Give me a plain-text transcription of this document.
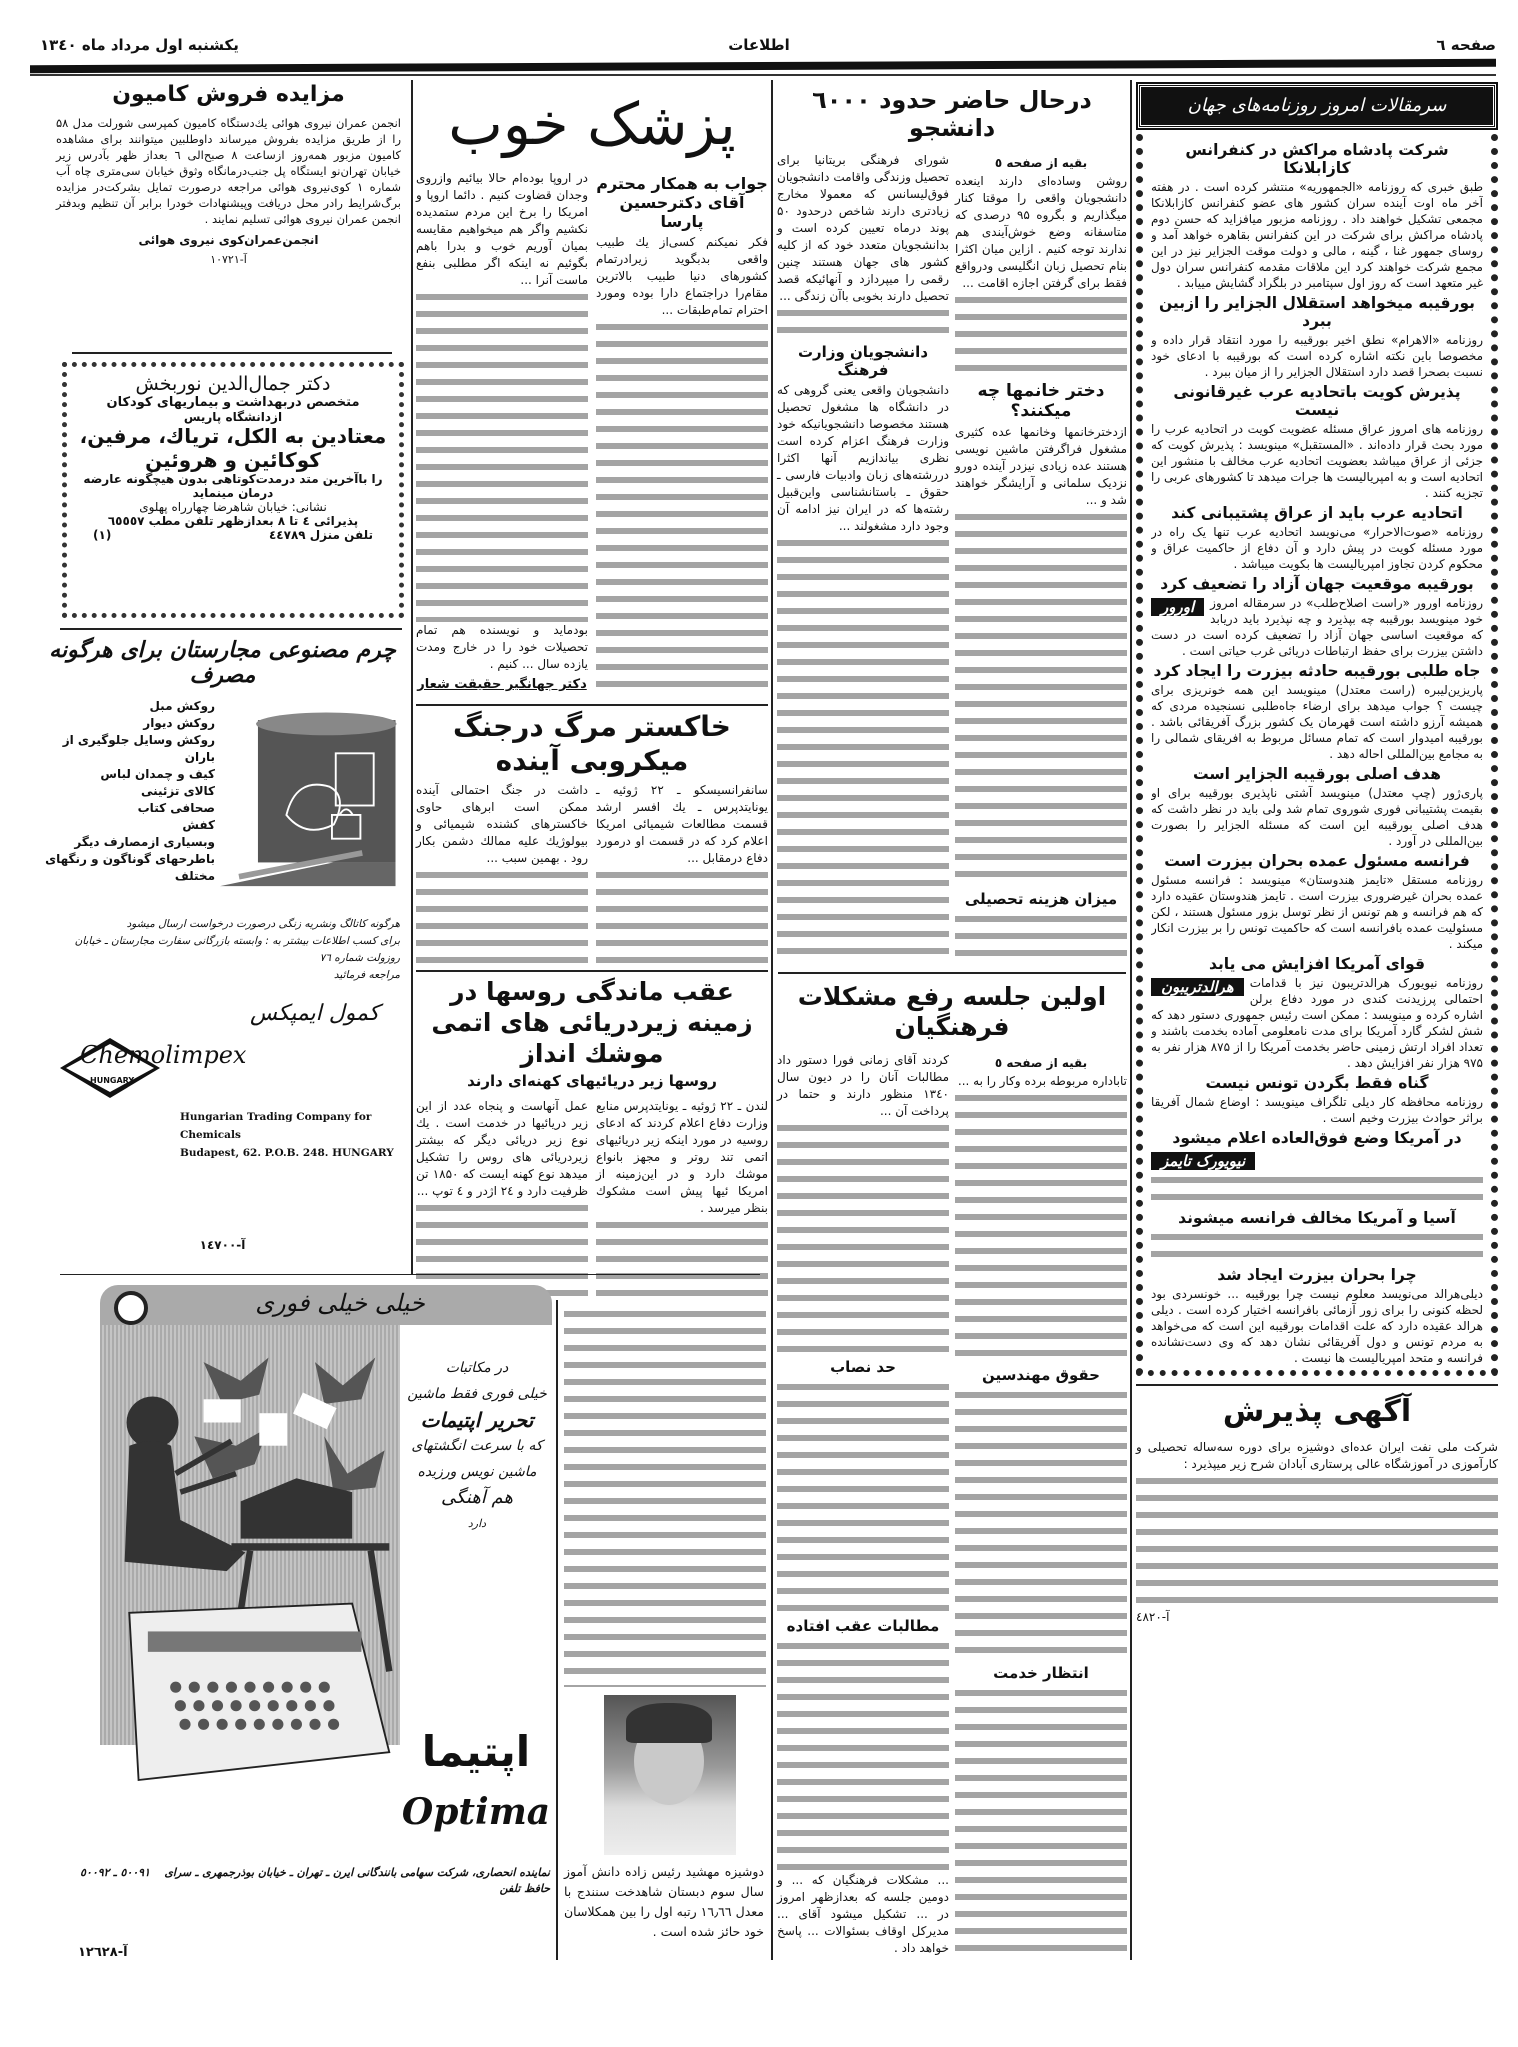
صفحه ٦
اطلاعات
یکشنبه اول مرداد ماه ١٣٤٠
سرمقالات امروز روزنامه‌های جهان
شرکت پادشاه مراکش در کنفرانس کازابلانکا
طبق خبری که روزنامه «الجمهوریه» منتشر کرده است . در هفته آخر ماه اوت آینده سران کشور های عضو کنفرانس کازابلانکا مجمعی تشکیل خواهند داد . روزنامه مزبور میافزاید که حسن دوم پادشاه مراکش برای شرکت در این کنفرانس بقاهره خواهد آمد و روسای جمهور غنا ، گینه ، مالی و دولت موقت الجزایر نیز در این مجمع شرکت خواهند کرد این ملاقات مقدمه کنفرانس سران دول غیر متعهد است که روز اول سپتامبر در بلگراد گشایش مییابد .
بورقیبه میخواهد استقلال الجزایر را ازبین ببرد
روزنامه «الاهرام» نطق اخیر بورقیبه را مورد انتقاد قرار داده و مخصوصا باین نکته اشاره کرده است که بورقیبه با ادعای خود نسبت بصحرا قصد دارد استقلال الجزایر را از میان ببرد .
پذیرش کویت باتحادیه عرب غیرقانونی نیست
روزنامه های امروز عراق مسئله عضویت کویت در اتحادیه عرب را مورد بحث قرار داده‌اند . «المستقبل» مینویسد : پذیرش کویت که جزئی از عراق میباشد بعضویت اتحادیه عرب مخالف با منشور این اتحادیه است و به امپریالیست ها جرات میدهد تا کشورهای عربی را تجزیه کنند .
اتحادیه عرب باید از عراق پشتیبانی کند
روزنامه «صوت‌الاحرار» می‌نویسد اتحادیه عرب تنها یک راه در مورد مسئله کویت در پیش دارد و آن دفاع از حاکمیت عراق و محکوم کردن تجاوز امپریالیست ها بکویت میباشد .
بورقیبه موقعیت جهان آزاد را تضعیف کرد
اورور	روزنامه اورور «راست اصلاح‌طلب» در سرمقاله امروز خود مینویسد بورقیبه چه بپذیرد و چه نپذیرد باید دریابد که موقعیت اساسی جهان آزاد را تضعیف کرده است در دست داشتن بیزرت برای حفظ ارتباطات دریائی غرب حیاتی است .
جاه طلبی بورقیبه حادثه بیزرت را ایجاد کرد
پاریزین‌لیبره (راست معتدل) مینویسد این همه خونریزی برای چیست ؟ جواب میدهد برای ارضاء جاه‌طلبی نسنجیده مردی که همیشه آرزو داشته است قهرمان یک کشور بزرگ آفریقائی باشد . بورقیبه امیدوار است که تمام مسائل مربوط به افریقای شمالی را به مجامع بین‌المللی احاله دهد .
هدف اصلی بورقیبه الجزایر است
پاری‌ژور (چپ معتدل) مینویسد آشتی ناپذیری بورقیبه برای او بقیمت پشتیبانی فوری شوروی تمام شد ولی باید در نظر داشت که هدف اصلی بورقیبه این است که مسئله الجزایر را بصورت بین‌المللی در آورد .
فرانسه مسئول عمده بحران بیزرت است
روزنامه مستقل «تایمز هندوستان» مینویسد : فرانسه مسئول عمده بحران غیرضروری بیزرت است . تایمز هندوستان عقیده دارد که هم فرانسه و هم تونس از نظر توسل بزور مسئول هستند ، لکن مسئولیت عمده بافرانسه است که حاکمیت تونس را بر بیزرت انکار میکند .
قوای آمریکا افزایش می یابد
هرالدتریبون	روزنامه نیویورک هرالدتریبون نیز با قدامات احتمالی پرزیدنت کندی در مورد دفاع برلن اشاره کرده و مینویسد : ممکن است رئیس جمهوری دستور دهد که شش لشکر گارد آمریکا برای مدت نامعلومی آماده بخدمت باشند و تعداد افراد ارتش زمینی حاضر بخدمت آمریکا را از ۸۷۵ هزار نفر به ۹۷۵ هزار نفر افزایش دهد .
گناه فقط بگردن تونس نیست
روزنامه محافظه کار دیلی تلگراف مینویسد : اوضاع شمال آفریقا براثر حوادث بیزرت وخیم است .
در آمریکا وضع فوق‌العاده اعلام میشود
نیویورک تایمز
آسیا و آمریکا مخالف فرانسه میشوند
چرا بحران بیزرت ایجاد شد
دیلی‌هرالد می‌نویسد معلوم نیست چرا بورقیبه ... خونسردی بود لحظه کنونی را برای زور آزمائی بافرانسه اختیار کرده است . دیلی هرالد عقیده دارد که علت اقدامات بورقیبه این است که می‌خواهد به مردم تونس و دول آفریقائی نشان دهد که وی دست‌نشانده فرانسه و متحد امپریالیست ها نیست .
آگهی پذیرش
شرکت ملی نفت ایران عده‌ای دوشیزه برای دوره سه‌ساله تحصیلی و کارآموزی در آموزشگاه عالی پرستاری آبادان شرح زیر میپذیرد :
آ-٤٨٢٠
درحال حاضر حدود ٦٠٠٠ دانشجو
بقیه از صفحه ٥
روشن وساده‌ای دارند اینعده دانشجویان واقعی را موقتا کنار میگذاریم و بگروه ۹۵ درصدی که متاسفانه وضع خوش‌آیندی هم ندارند توجه کنیم . ازاین میان اکثرا بنام تحصیل زبان انگلیسی ودرواقع فقط برای گرفتن اجازه اقامت ...
دختر خانمها چه میکنند؟
ازدخترخانمها وخانمها عده کثیری مشغول فراگرفتن ماشین نویسی هستند عده زیادی نیزدر آینده دورو نزدیک سلمانی و آرایشگر خواهند شد و ...
میزان هزینه تحصیلی
شورای فرهنگی بریتانیا برای تحصیل وزندگی واقامت دانشجویان فوق‌لیسانس که معمولا مخارج زیادتری دارند شاخص درحدود ۵۰ پوند درماه تعیین کرده است و بدانشجویان متعدد خود که از کلیه کشور های جهان هستند چنین رقمی را میپردازد و آنهائیکه قصد تحصیل دارند بخوبی باآن زندگی ...
دانشجویان وزارت فرهنگ
دانشجویان واقعی یعنی گروهی که در دانشگاه ها مشغول تحصیل هستند مخصوصا دانشجویانیکه خود وزارت فرهنگ اعزام کرده است نظری بیاندازیم آنها اکثرا دررشته‌های زبان وادبیات فارسی ـ حقوق ـ باستانشناسی واین‌قبیل رشته‌ها که در ایران نیز ادامه آن وجود دارد مشغولند ...
اولین جلسه رفع مشکلات فرهنگیان
بقیه از صفحه ٥
تاباداره مربوطه برده وکار را به ...
حقوق مهندسین
انتظار خدمت
کردند آقای زمانی فورا دستور داد مطالبات آنان را در دیون سال ۱۳٤۰ منظور دارند و حتما در پرداخت آن ...
حد نصاب
مطالبات عقب افتاده
... مشکلات فرهنگیان که ... و دومین جلسه که بعدازظهر امروز در ... تشکیل میشود آقای ... مدیرکل اوقاف بسئوالات ... پاسخ خواهد داد .
پزشک خوب
جواب به همکار محترم آقای دکترحسین پارسا
فکر نمیکنم کسی‌از یك طبیب واقعی بدبگوید زیرادرتمام کشورهای دنیا طبیب بالاترین مقام‌را دراجتماع دارا بوده ومورد احترام تمام‌طبقات ...
در اروپا بوده‌ام حالا بیائیم وازروی وجدان قضاوت کنیم . دائما اروپا و امریکا را برخ این مردم ستمدیده نکشیم واگر هم میخواهیم مقایسه بمیان آوریم خوب و بدرا باهم بگوئیم نه اینکه اگر مطلبی بنفع ماست آنرا ...
بودماید و نویسنده هم تمام تحصیلات خود را در خارج ومدت یازده سال ... کنیم .
دکتر جهانگیر حقیقت شعار
خاکستر مرگ درجنگ میکروبی آینده
سانفرانسیسکو ـ ۲۲ ژوئیه ـ یونایتدپرس ـ یك افسر ارشد قسمت مطالعات شیمیائی امریکا اعلام کرد که در قسمت او درمورد دفاع درمقابل ...
داشت در جنگ احتمالی آینده ممکن است ابرهای حاوی خاکسترهای کشنده شیمیائی و بیولوژیك علیه ممالك دشمن بکار رود . بهمین سبب ...
عقب ماندگی روسها در زمینه زیردریائی های اتمی موشك انداز
روسها زیر دریائیهای کهنه‌ای دارند
لندن ـ ۲۲ ژوئیه ـ یونایتدپرس منابع وزارت دفاع اعلام کردند که ادعای روسیه در مورد اینکه زیر دریائیهای اتمی تند روتر و مجهز بانواع موشك دارد و در این‌زمینه از امریکا ئیها پیش است مشکوك بنظر میرسد .
عمل آنهاست و پنجاه عدد از این زیر دریائیها در خدمت است . یك نوع زیر دریائی دیگر که بیشتر زیردریائی های روس را تشکیل میدهد نوع کهنه ایست که ۱۸۵۰ تن ظرفیت دارد و ۲٤ اژدر و ٤ توپ ...
دوشیزه مهشید رئیس زاده دانش آموز سال سوم دبستان شاهدخت سنندج با معدل ۱٦٫٦٦ رتبه اول را بین همکلاسان خود حائز شده است .
مزایده فروش کامیون
انجمن عمران نیروی هوائی یك‌دستگاه کامیون کمپرسی شورلت مدل ۵۸ را از طریق مزایده بفروش میرساند داوطلبین میتوانند برای مشاهده کامیون مزبور همه‌روز ازساعت ۸ صبح‌الی ٦ بعداز ظهر بآدرس زیر خیابان تهران‌نو ایستگاه پل جنب‌درمانگاه وثوق خیابان سی‌متری چاه آب شماره ۱ کوی‌نیروی هوائی مراجعه درصورت تمایل بشرکت‌در مزایده برگ‌شرایط رادر محل دریافت وپیشنهادات خودرا برابر آن تنظیم وبدفتر انجمن عمران نیروی هوائی تسلیم نمایند .
انجمن‌عمران‌کوی نیروی هوائی
آ-١٠٧٢١
دکتر جمال‌الدین نوربخش
متخصص دربهداشت و بیماریهای کودکان
ازدانشگاه پاریس
معتادین به الکل، تریاك، مرفین،
کوکائین و هروئین
را باآخرین متد درمدت‌کوتاهی بدون هیچگونه عارضه درمان مینماید
نشانی: خیابان شاهرضا چهارراه پهلوی
پذیرائی ٤ تا ٨ بعدازظهر تلفن مطب ٦٥٥٥٧
تلفن منزل ٤٤٧٨٩
(۱)
چرم مصنوعی مجارستان برای هرگونه مصرف
روکش مبل
روکش دیوار
روکش وسایل جلوگیری از باران
کیف و چمدان لباس
کالای تزئینی
صحافی کتاب
کفش
وبسیاری ازمصارف دیگر باطرحهای گوناگون و رنگهای مختلف
هرگونه کاتالگ ونشریه زنگی درصورت درخواست ارسال میشود
برای کسب اطلاعات بیشتر به : وابسته بازرگانی سفارت مجارستان ـ خیابان روزولت شماره ٧٦
مراجعه فرمائید
کمول ایمپکس
Chemolimpex
HUNGARY
Hungarian Trading Company for Chemicals
Budapest, 62. P.O.B. 248. HUNGARY
آ-١٤٧٠٠
خیلی خیلی فوری
در مکاتبات
خیلی فوری فقط ماشین
تحریر اپتیمات
که با سرعت انگشتهای
ماشین نویس ورزیده
هم آهنگی
دارد
اپتیما
Optima
نماینده انحصاری، شرکت سهامی بانندگانی ایرن ـ تهران ـ خیابان بوذرجمهری ـ سرای حافظ تلفن
٥٠٠٩١ ـ ٥٠٠٩٢
آ-١٢٦٢٨
